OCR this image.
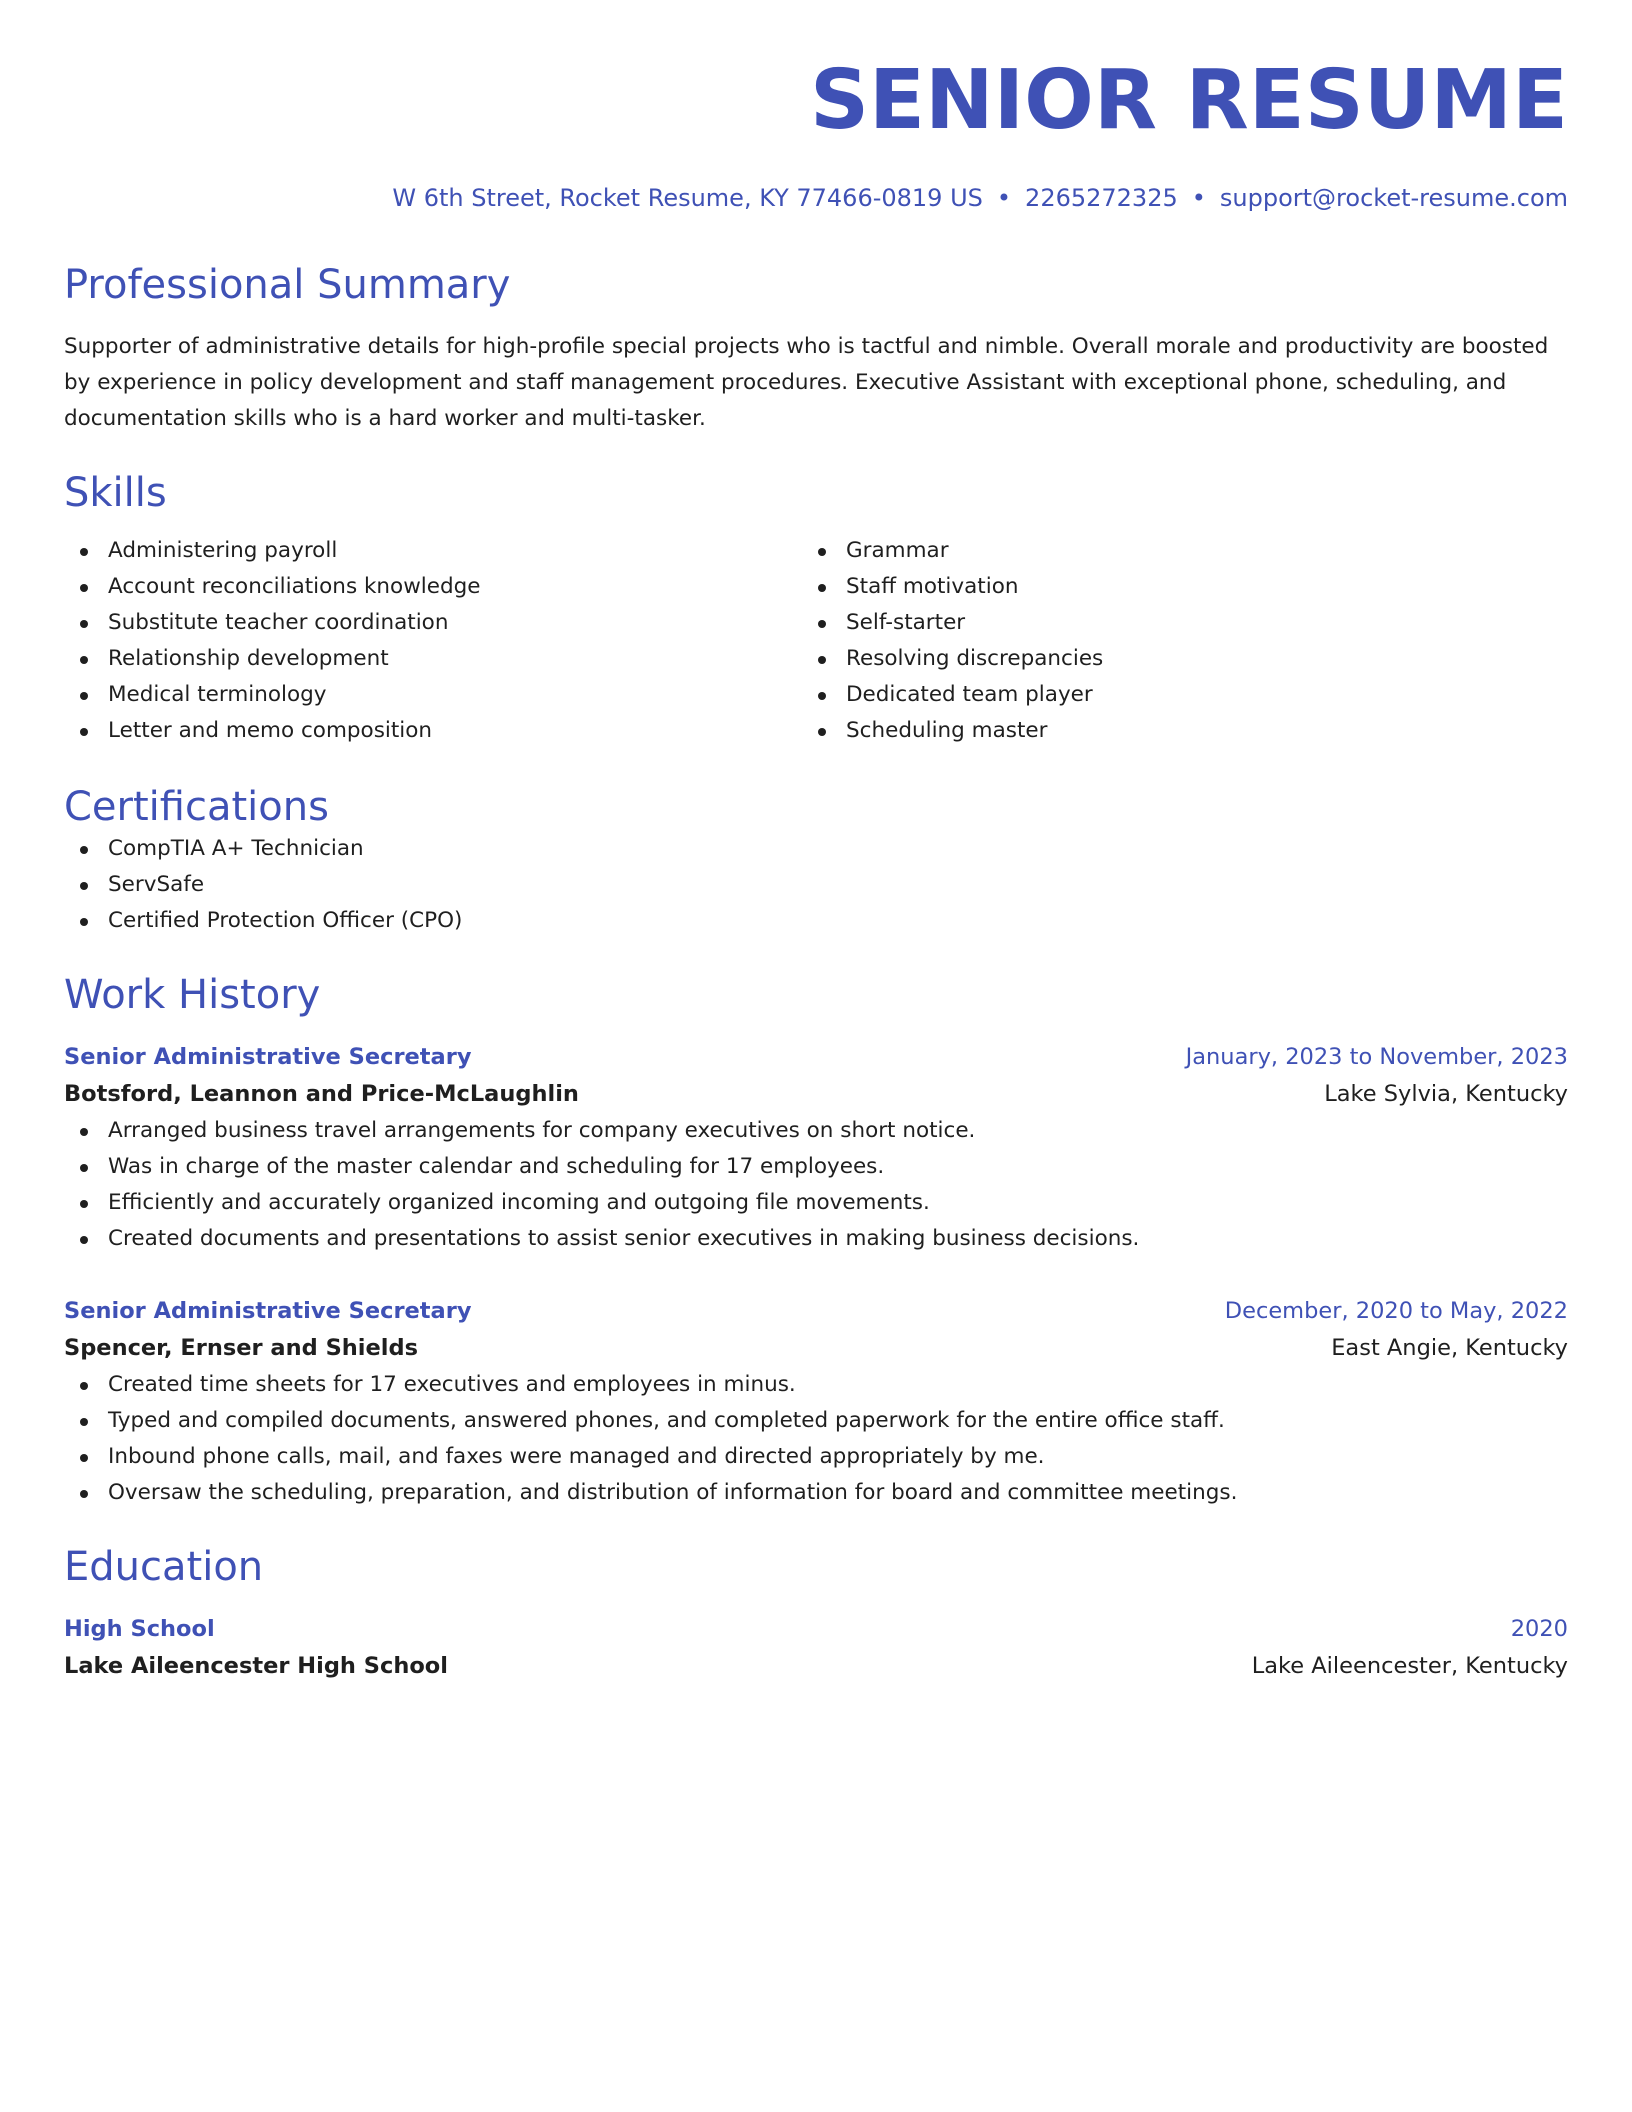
SENIOR RESUME
W 6th Street, Rocket Resume, KY 77466-0819 US • 2265272325 • support@rocket-resume.com
Professional Summary
Supporter of administrative details for high-profile special projects who is tactful and nimble. Overall morale and productivity are boosted by experience in policy development and staff management procedures. Executive Assistant with exceptional phone, scheduling, and documentation skills who is a hard worker and multi-tasker.
Skills
Administering payroll
Account reconciliations knowledge
Substitute teacher coordination
Relationship development
Medical terminology
Letter and memo composition
Grammar
Staff motivation
Self-starter
Resolving discrepancies
Dedicated team player
Scheduling master
Certifications
CompTIA A+ Technician
ServSafe
Certified Protection Officer (CPO)
Work History
Senior Administrative Secretary	January, 2023 to November, 2023
Botsford, Leannon and Price-McLaughlin	Lake Sylvia, Kentucky
Arranged business travel arrangements for company executives on short notice.
Was in charge of the master calendar and scheduling for 17 employees.
Efficiently and accurately organized incoming and outgoing file movements.
Created documents and presentations to assist senior executives in making business decisions.
Senior Administrative Secretary	December, 2020 to May, 2022
Spencer, Ernser and Shields	East Angie, Kentucky
Created time sheets for 17 executives and employees in minus.
Typed and compiled documents, answered phones, and completed paperwork for the entire office staff.
Inbound phone calls, mail, and faxes were managed and directed appropriately by me.
Oversaw the scheduling, preparation, and distribution of information for board and committee meetings.
Education
High School	2020
Lake Aileencester High School	Lake Aileencester, Kentucky
